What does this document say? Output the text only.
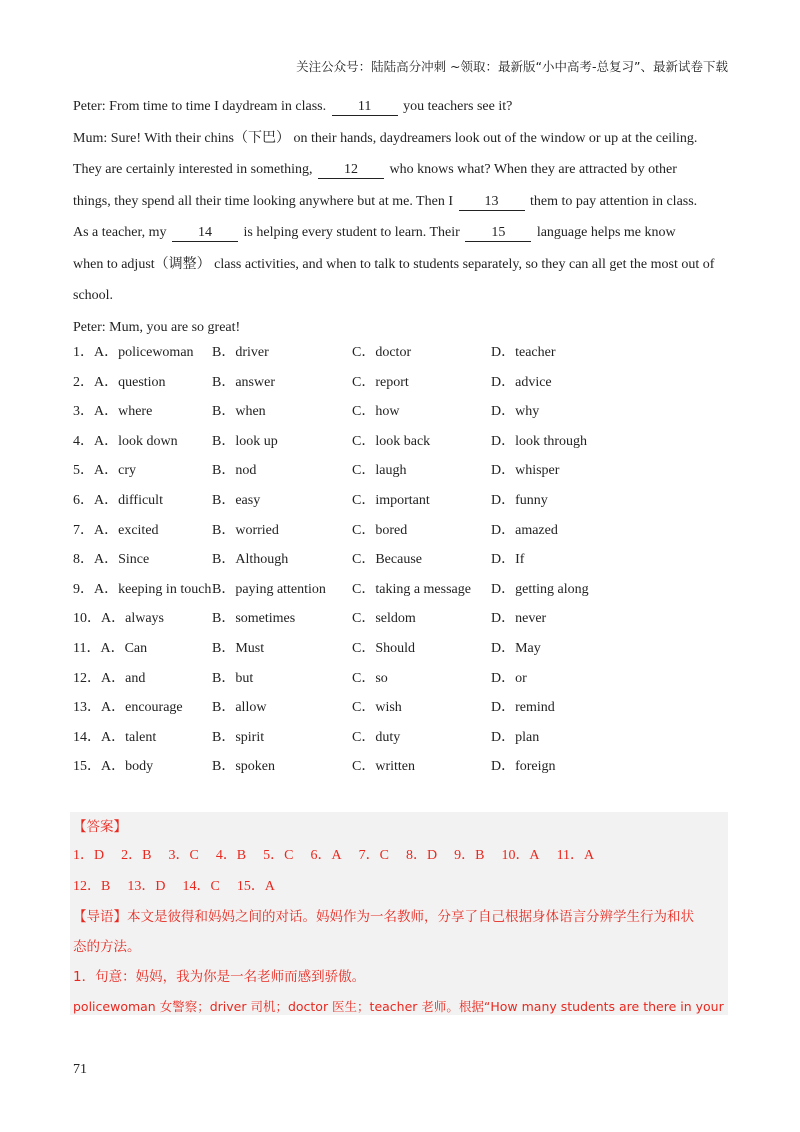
关注公众号：陆陆高分冲刺 ~领取：最新版“小中高考-总复习”、最新试卷下载
Peter: From time to time I daydream in class. 11 you teachers see it?
Mum: Sure! With their chins（下巴） on their hands, daydreamers look out of the window or up at the ceiling.
They are certainly interested in something, 12 who knows what? When they are attracted by other
things, they spend all their time looking anywhere but at me. Then I 13 them to pay attention in class.
As a teacher, my 14 is helping every student to learn. Their 15 language helps me know
when to adjust（调整） class activities, and when to talk to students separately, so they can all get the most out of
school.
Peter: Mum, you are so great!
1．A．policewoman B．driver	C．doctor	D．teacher
2．A．question	B．answer	C．report	D．advice
3．A．where	B．when	C．how	D．why
4．A．look down B．look up	C．look back	D．look through
5．A．cry	B．nod	C．laugh	D．whisper
6．A．difficult	B．easy	C．important	D．funny
7．A．excited	B．worried	C．bored	D．amazed
8．A．Since	B．Although	C．Because	D．If
9．A．keeping in touch B．paying attention C．taking a message D．getting along
10．A．always	B．sometimes	C．seldom	D．never
11．A．Can	B．Must	C．Should	D．May
12．A．and	B．but	C．so	D．or
13．A．encourage B．allow	C．wish	D．remind
14．A．talent	B．spirit	C．duty	D．plan
15．A．body	B．spoken	C．written	D．foreign
【答案】
1．D 2．B 3．C 4．B 5．C 6．A 7．C 8．D 9．B 10．A 11．A
12．B 13．D 14．C 15．A
【导语】本文是彼得和妈妈之间的对话。妈妈作为一名教师，分享了自己根据身体语言分辨学生行为和状
态的方法。
1．句意：妈妈，我为你是一名老师而感到骄傲。
policewoman 女警察；driver 司机；doctor 医生；teacher 老师。根据“How many students are there in your
71
